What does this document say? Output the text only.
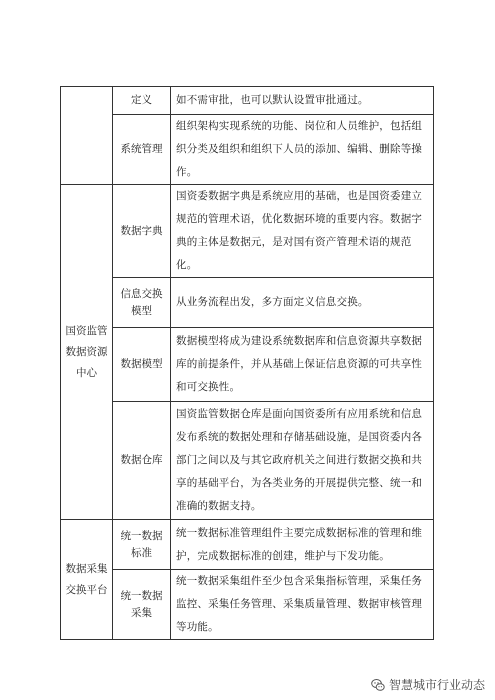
	定义	如不需审批，也可以默认设置审批通过。
	系统管理	组织架构实现系统的功能、岗位和人员维护，包括组织分类及组织和组织下人员的添加、编辑、删除等操作。
国资监管数据资源中心	数据字典	国资委数据字典是系统应用的基础，也是国资委建立规范的管理术语，优化数据环境的重要内容。数据字典的主体是数据元，是对国有资产管理术语的规范化。
	信息交换模型	从业务流程出发，多方面定义信息交换。
	数据模型	数据模型将成为建设系统数据库和信息资源共享数据库的前提条件，并从基础上保证信息资源的可共享性和可交换性。
	数据仓库	国资监管数据仓库是面向国资委所有应用系统和信息发布系统的数据处理和存储基础设施，是国资委内各部门之间以及与其它政府机关之间进行数据交换和共享的基础平台，为各类业务的开展提供完整、统一和准确的数据支持。
数据采集交换平台	统一数据标准	统一数据标准管理组件主要完成数据标准的管理和维护，完成数据标准的创建，维护与下发功能。
	统一数据采集	统一数据采集组件至少包含采集指标管理，采集任务监控、采集任务管理、采集质量管理、数据审核管理等功能。
智慧城市行业动态
